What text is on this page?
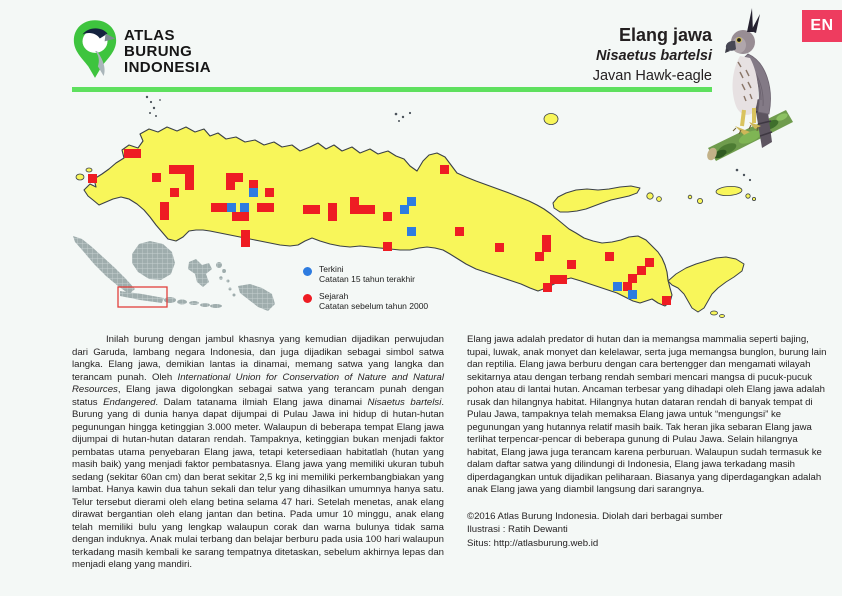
Terkini
Catatan 15 tahun terakhir
Sejarah
Catatan sebelum tahun 2000
ATLAS
BURUNG
INDONESIA
Elang jawa
Nisaetus bartelsi
Javan Hawk-eagle
EN

Inilah burung dengan jambul khasnya yang kemudian dijadikan perwujudan dari Garuda, lambang negara Indonesia, dan juga dijadikan sebagai simbol satwa langka. Elang jawa, demikian lantas ia dinamai, memang satwa yang langka dan terancam punah. Oleh International Union for Conservation of Nature and Natural Resources, Elang jawa digolongkan sebagai satwa yang terancam punah dengan status Endangered. Dalam tatanama ilmiah Elang jawa dinamai Nisaetus bartelsi. Burung yang di dunia hanya dapat dijumpai di Pulau Jawa ini hidup di hutan-hutan pegunungan hingga ketinggian 3.000 meter. Walaupun di beberapa tempat Elang jawa dijumpai di hutan-hutan dataran rendah. Tampaknya, ketinggian bukan menjadi faktor pembatas utama penyebaran Elang jawa, tetapi ketersediaan habitatlah (hutan yang masih baik) yang menjadi faktor pembatasnya. Elang jawa yang memiliki ukuran tubuh sedang (sekitar 60an cm) dan berat sekitar 2,5 kg ini memiliki perkembangbiakan yang lambat. Hanya kawin dua tahun sekali dan telur yang dihasilkan umumnya hanya satu. Telur tersebut dierami oleh elang betina selama 47 hari. Setelah menetas, anak elang dirawat bergantian oleh elang jantan dan betina. Pada umur 10 minggu, anak elang telah memiliki bulu yang lengkap walaupun corak dan warna bulunya tidak sama dengan induknya. Anak mulai terbang dan belajar berburu pada usia 100 hari walaupun terkadang masih kembali ke sarang tempatnya ditetaskan, sebelum akhirnya lepas dan menjadi elang yang mandiri.

Elang jawa adalah predator di hutan dan ia memangsa mammalia seperti bajing, tupai, luwak, anak monyet dan kelelawar, serta juga memangsa bunglon, burung lain dan reptilia. Elang jawa berburu dengan cara bertengger dan mengamati wilayah sekitarnya atau dengan terbang rendah sembari mencari mangsa di pucuk-pucuk pohon atau di lantai hutan. Ancaman terbesar yang dihadapi oleh Elang jawa adalah rusak dan hilangnya habitat. Hilangnya hutan dataran rendah di banyak tempat di Pulau Jawa, tampaknya telah memaksa Elang jawa untuk “mengungsi” ke pegunungan yang hutannya relatif masih baik. Tak heran jika sebaran Elang jawa terlihat terpencar-pencar di beberapa gunung di Pulau Jawa. Selain hilangnya habitat, Elang jawa juga terancam karena perburuan. Walaupun sudah termasuk ke dalam daftar satwa yang dilindungi di Indonesia, Elang jawa terkadang masih diperdagangkan untuk dijadikan peliharaan. Biasanya yang diperdagangkan adalah anak Elang jawa yang diambil langsung dari sarangnya.

©2016 Atlas Burung Indonesia. Diolah dari berbagai sumber
Ilustrasi : Ratih Dewanti
Situs: http://atlasburung.web.id
